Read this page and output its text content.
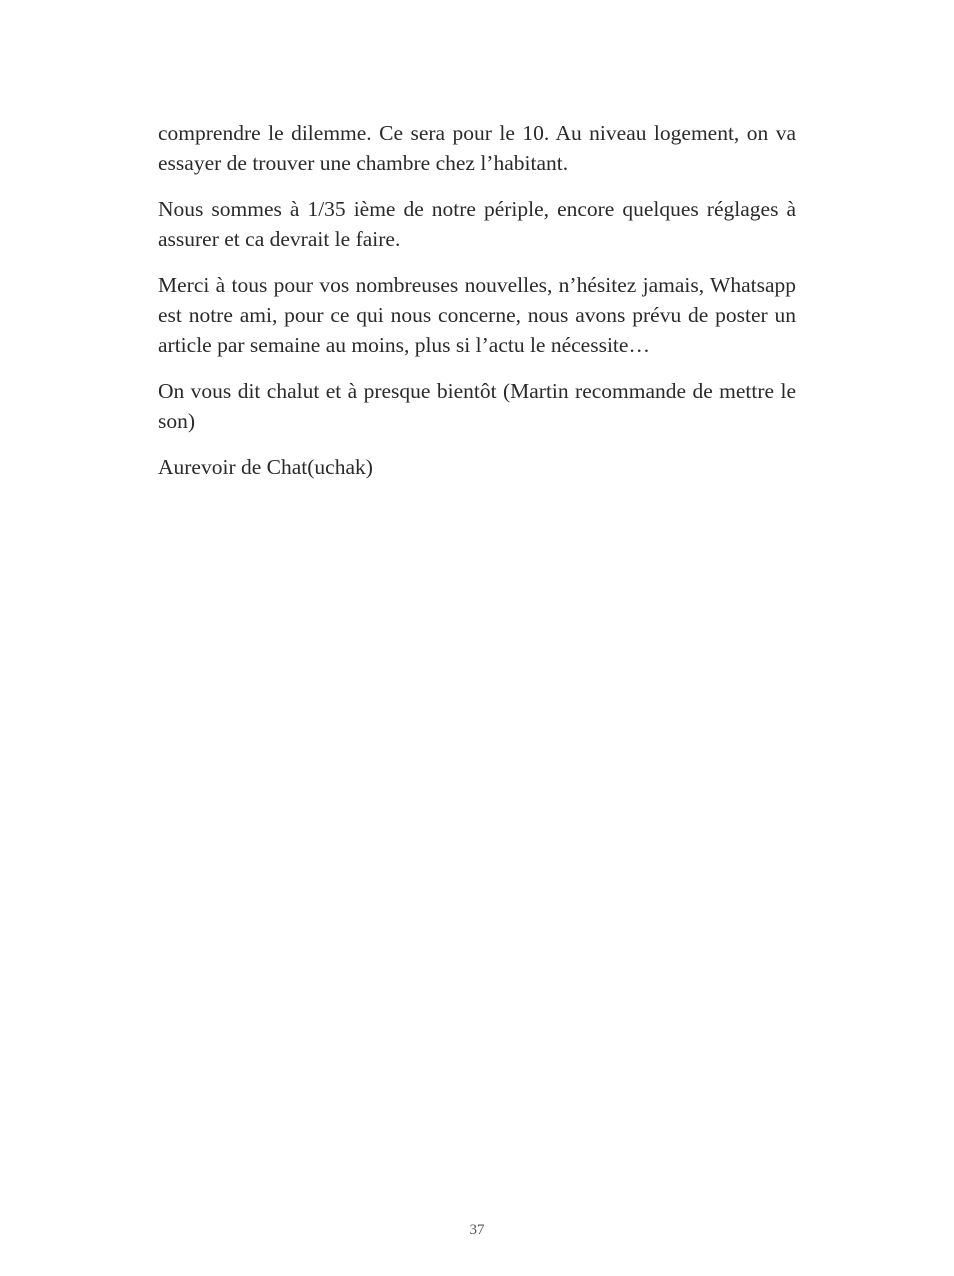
comprendre le dilemme. Ce sera pour le 10. Au niveau logement, on va essayer de trouver une chambre chez l’habitant.

Nous sommes à 1/35 ième de notre périple, encore quelques réglages à assurer et ca devrait le faire.

Merci à tous pour vos nombreuses nouvelles, n’hésitez jamais, Whatsapp est notre ami, pour ce qui nous concerne, nous avons prévu de poster un article par semaine au moins, plus si l’actu le nécessite…

On vous dit chalut et à presque bientôt (Martin recommande de mettre le son)

Aurevoir de Chat(uchak)

37
